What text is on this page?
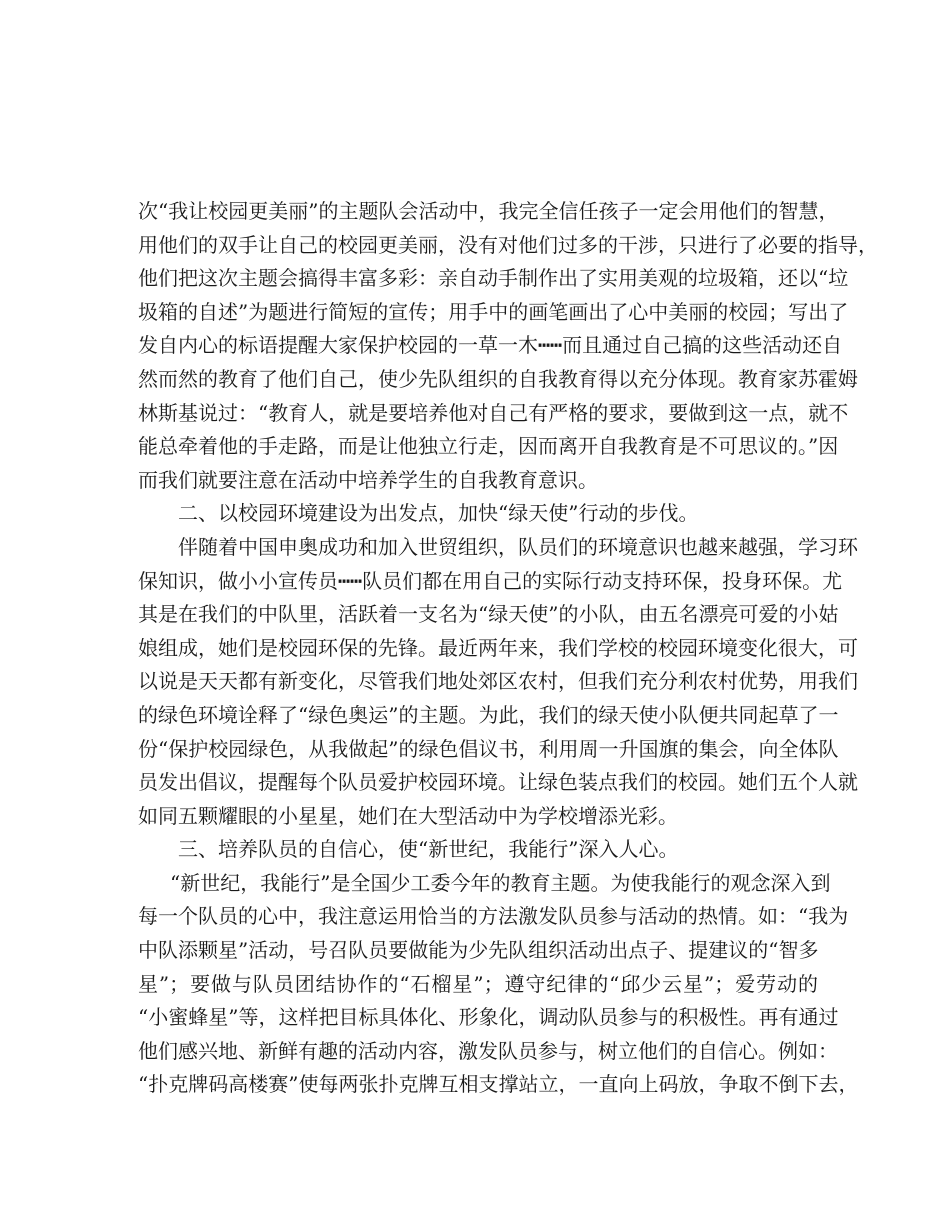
次“我让校园更美丽”的主题队会活动中，我完全信任孩子一定会用他们的智慧，
用他们的双手让自己的校园更美丽，没有对他们过多的干涉，只进行了必要的指导，
他们把这次主题会搞得丰富多彩：亲自动手制作出了实用美观的垃圾箱，还以“垃
圾箱的自述”为题进行简短的宣传；用手中的画笔画出了心中美丽的校园；写出了
发自内心的标语提醒大家保护校园的一草一木┅┅而且通过自己搞的这些活动还自
然而然的教育了他们自己，使少先队组织的自我教育得以充分体现。教育家苏霍姆
林斯基说过：“教育人，就是要培养他对自己有严格的要求，要做到这一点，就不
能总牵着他的手走路，而是让他独立行走，因而离开自我教育是不可思议的。”因
而我们就要注意在活动中培养学生的自我教育意识。
二、以校园环境建设为出发点，加快“绿天使”行动的步伐。
伴随着中国申奥成功和加入世贸组织，队员们的环境意识也越来越强，学习环
保知识，做小小宣传员┅┅队员们都在用自己的实际行动支持环保，投身环保。尤
其是在我们的中队里，活跃着一支名为“绿天使”的小队，由五名漂亮可爱的小姑
娘组成，她们是校园环保的先锋。最近两年来，我们学校的校园环境变化很大，可
以说是天天都有新变化，尽管我们地处郊区农村，但我们充分利农村优势，用我们
的绿色环境诠释了“绿色奥运”的主题。为此，我们的绿天使小队便共同起草了一
份“保护校园绿色，从我做起”的绿色倡议书，利用周一升国旗的集会，向全体队
员发出倡议，提醒每个队员爱护校园环境。让绿色装点我们的校园。她们五个人就
如同五颗耀眼的小星星，她们在大型活动中为学校增添光彩。
三、培养队员的自信心，使“新世纪，我能行”深入人心。
“新世纪，我能行”是全国少工委今年的教育主题。为使我能行的观念深入到
每一个队员的心中，我注意运用恰当的方法激发队员参与活动的热情。如：“我为
中队添颗星”活动，号召队员要做能为少先队组织活动出点子、提建议的“智多
星”；要做与队员团结协作的“石榴星”；遵守纪律的“邱少云星”；爱劳动的
“小蜜蜂星”等，这样把目标具体化、形象化，调动队员参与的积极性。再有通过
他们感兴地、新鲜有趣的活动内容，激发队员参与，树立他们的自信心。例如：
“扑克牌码高楼赛”使每两张扑克牌互相支撑站立，一直向上码放，争取不倒下去，
